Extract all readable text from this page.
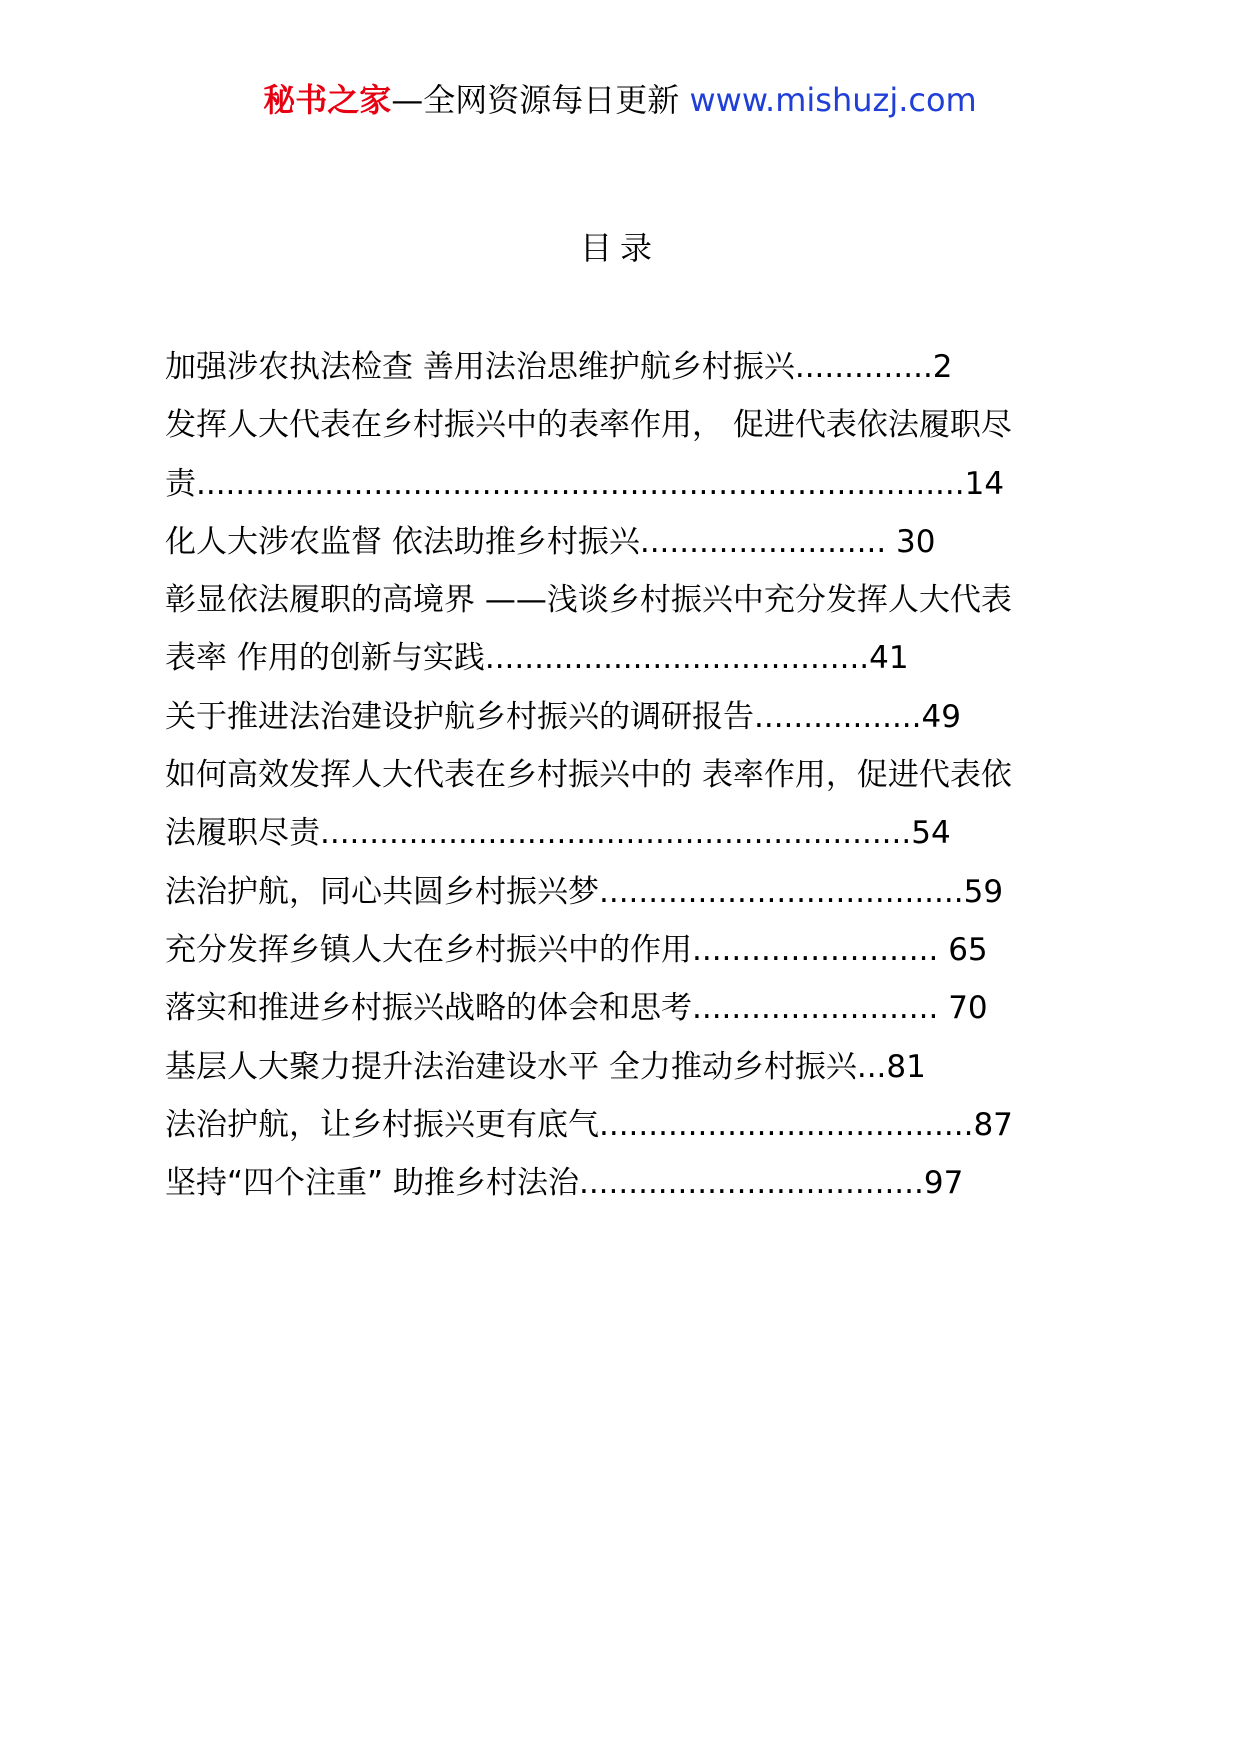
秘书之家—全网资源每日更新 www.mishuzj.com
目录
加强涉农执法检查 善用法治思维护航乡村振兴..............2
发挥人大代表在乡村振兴中的表率作用， 促进代表依法履职尽
责..............................................................................14
化人大涉农监督 依法助推乡村振兴......................... 30
彰显依法履职的高境界 ——浅谈乡村振兴中充分发挥人大代表
表率 作用的创新与实践.......................................41
关于推进法治建设护航乡村振兴的调研报告.................49
如何高效发挥人大代表在乡村振兴中的 表率作用，促进代表依
法履职尽责............................................................54
法治护航，同心共圆乡村振兴梦.....................................59
充分发挥乡镇人大在乡村振兴中的作用......................... 65
落实和推进乡村振兴战略的体会和思考......................... 70
基层人大聚力提升法治建设水平 全力推动乡村振兴...81
法治护航，让乡村振兴更有底气......................................87
坚持“四个注重” 助推乡村法治...................................97
